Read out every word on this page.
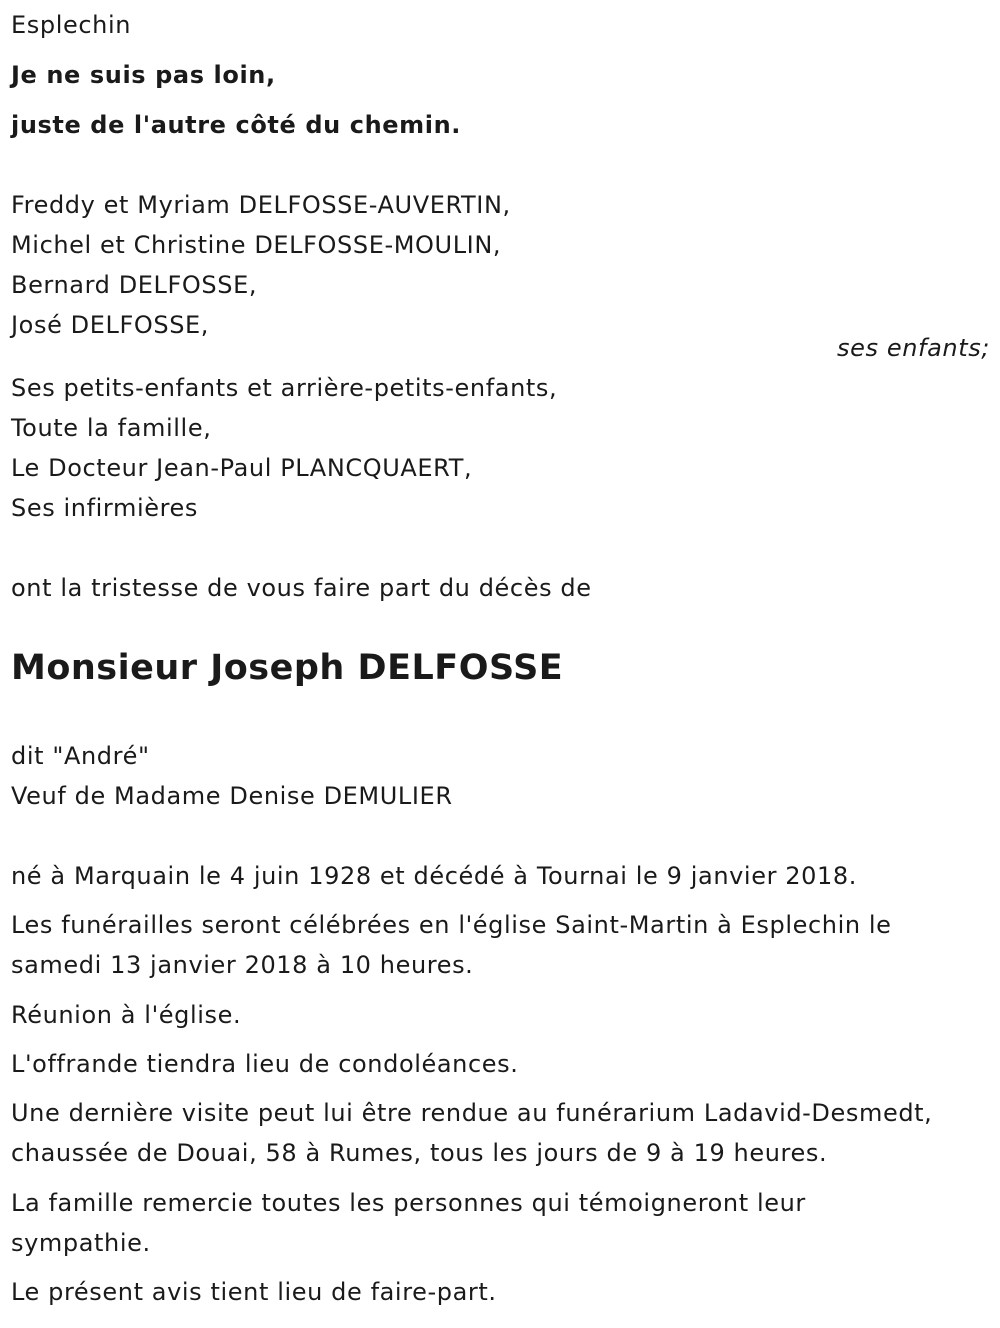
Esplechin
Je ne suis pas loin,
juste de l'autre côté du chemin.
Freddy et Myriam DELFOSSE-AUVERTIN,
Michel et Christine DELFOSSE-MOULIN,
Bernard DELFOSSE,
José DELFOSSE,
ses enfants;
Ses petits-enfants et arrière-petits-enfants,
Toute la famille,
Le Docteur Jean-Paul PLANCQUAERT,
Ses infirmières
ont la tristesse de vous faire part du décès de
Monsieur Joseph DELFOSSE
dit "André"
Veuf de Madame Denise DEMULIER
né à Marquain le 4 juin 1928 et décédé à Tournai le 9 janvier 2018.
Les funérailles seront célébrées en l'église Saint-Martin à Esplechin le
samedi 13 janvier 2018 à 10 heures.
Réunion à l'église.
L'offrande tiendra lieu de condoléances.
Une dernière visite peut lui être rendue au funérarium Ladavid-Desmedt,
chaussée de Douai, 58 à Rumes, tous les jours de 9 à 19 heures.
La famille remercie toutes les personnes qui témoigneront leur
sympathie.
Le présent avis tient lieu de faire-part.
